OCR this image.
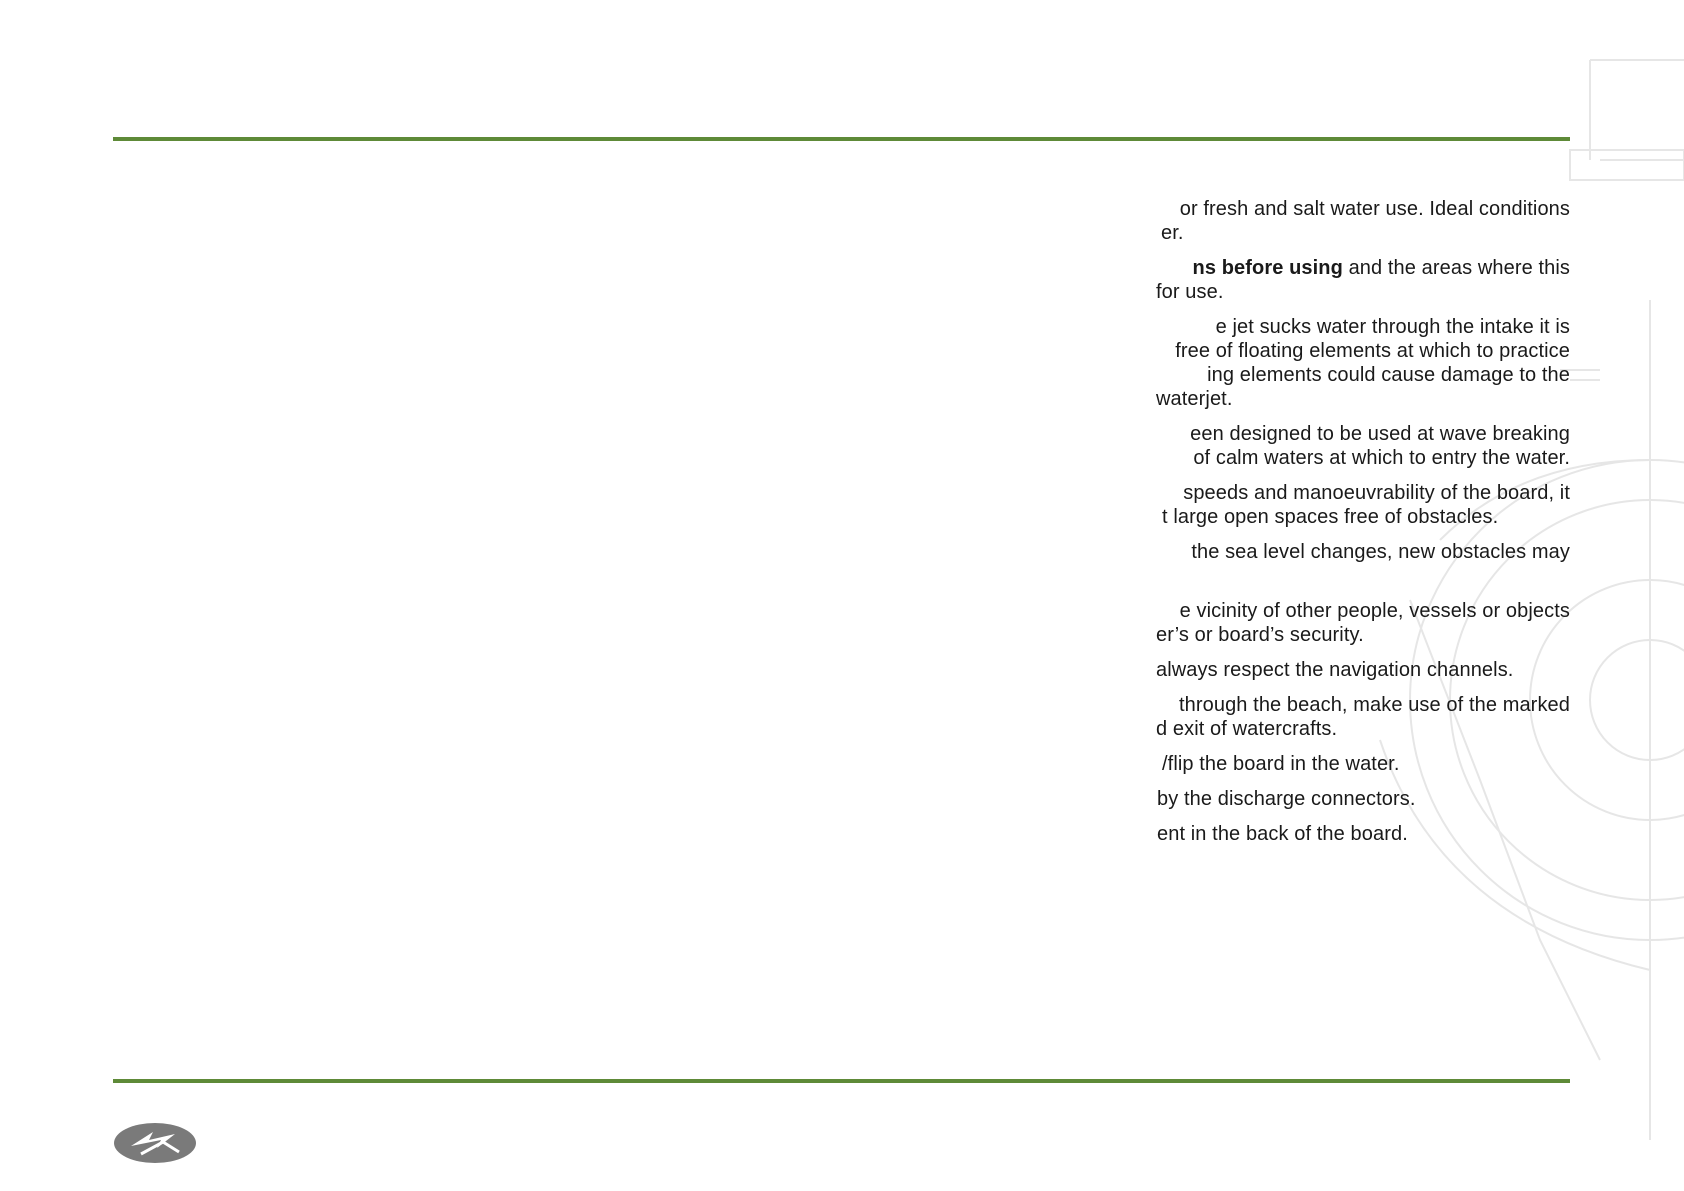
or fresh and salt water use. Ideal conditions
er.
ns before using and the areas where this
for use.
e jet sucks water through the intake it is
free of floating elements at which to practice
ing elements could cause damage to the
waterjet.
een designed to be used at wave breaking
of calm waters at which to entry the water.
speeds and manoeuvrability of the board, it
t large open spaces free of obstacles.
the sea level changes, new obstacles may
e vicinity of other people, vessels or objects
er’s or board’s security.
always respect the navigation channels.
through the beach, make use of the marked
d exit of watercrafts.
/flip the board in the water.
by the discharge connectors.
ent in the back of the board.
